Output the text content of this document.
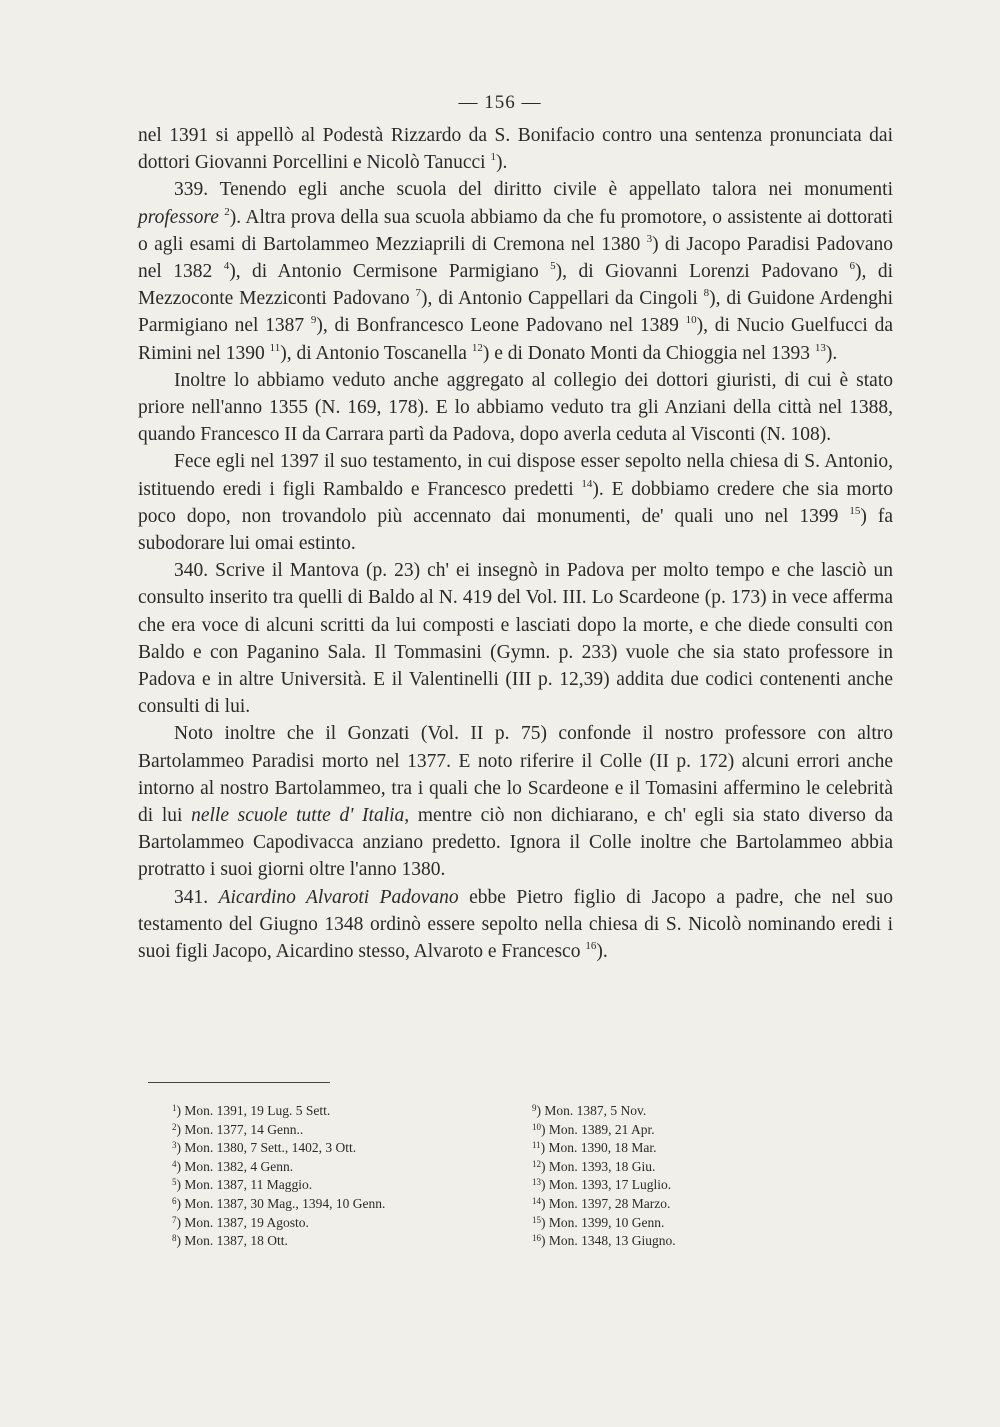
— 156 —

nel 1391 si appellò al Podestà Rizzardo da S. Bonifacio contro una sentenza pronunciata dai dottori Giovanni Porcellini e Nicolò Tanucci $^1$).

339. Tenendo egli anche scuola del diritto civile è appellato talora nei monumenti professore $^2$). Altra prova della sua scuola abbiamo da che fu promotore, o assistente ai dottorati o agli esami di Bartolammeo Mezziaprili di Cremona nel 1380 $^3$) di Jacopo Paradisi Padovano nel 1382 $^4$), di Antonio Cermisone Parmigiano $^5$), di Giovanni Lorenzi Padovano $^6$), di Mezzoconte Mezziconti Padovano $^7$), di Antonio Cappellari da Cingoli $^8$), di Guidone Ardenghi Parmigiano nel 1387 $^9$), di Bonfrancesco Leone Padovano nel 1389 $^{10}$), di Nucio Guelfucci da Rimini nel 1390 $^{11}$), di Antonio Toscanella $^{12}$) e di Donato Monti da Chioggia nel 1393 $^{13}$).

Inoltre lo abbiamo veduto anche aggregato al collegio dei dottori giuristi, di cui è stato priore nell'anno 1355 (N. 169, 178). E lo abbiamo veduto tra gli Anziani della città nel 1388, quando Francesco II da Carrara partì da Padova, dopo averla ceduta al Visconti (N. 108).

Fece egli nel 1397 il suo testamento, in cui dispose esser sepolto nella chiesa di S. Antonio, istituendo eredi i figli Rambaldo e Francesco predetti $^{14}$). E dobbiamo credere che sia morto poco dopo, non trovandolo più accennato dai monumenti, de' quali uno nel 1399 $^{15}$) fa subodorare lui omai estinto.

340. Scrive il Mantova (p. 23) ch' ei insegnò in Padova per molto tempo e che lasciò un consulto inserito tra quelli di Baldo al N. 419 del Vol. III. Lo Scardeone (p. 173) in vece afferma che era voce di alcuni scritti da lui composti e lasciati dopo la morte, e che diede consulti con Baldo e con Paganino Sala. Il Tommasini (Gymn. p. 233) vuole che sia stato professore in Padova e in altre Università. E il Valentinelli (III p. 12,39) addita due codici contenenti anche consulti di lui.

Noto inoltre che il Gonzati (Vol. II p. 75) confonde il nostro professore con altro Bartolammeo Paradisi morto nel 1377. E noto riferire il Colle (II p. 172) alcuni errori anche intorno al nostro Bartolammeo, tra i quali che lo Scardeone e il Tomasini affermino le celebrità di lui nelle scuole tutte d' Italia, mentre ciò non dichiarano, e ch' egli sia stato diverso da Bartolammeo Capodivacca anziano predetto. Ignora il Colle inoltre che Bartolammeo abbia protratto i suoi giorni oltre l'anno 1380.

341. Aicardino Alvaroti Padovano ebbe Pietro figlio di Jacopo a padre, che nel suo testamento del Giugno 1348 ordinò essere sepolto nella chiesa di S. Nicolò nominando eredi i suoi figli Jacopo, Aicardino stesso, Alvaroto e Francesco $^{16}$).

$^1$) Mon. 1391, 19 Lug. 5 Sett.
$^2$) Mon. 1377, 14 Genn..
$^3$) Mon. 1380, 7 Sett., 1402, 3 Ott.
$^4$) Mon. 1382, 4 Genn.
$^5$) Mon. 1387, 11 Maggio.
$^6$) Mon. 1387, 30 Mag., 1394, 10 Genn.
$^7$) Mon. 1387, 19 Agosto.
$^8$) Mon. 1387, 18 Ott.
$^9$) Mon. 1387, 5 Nov.
$^{10}$) Mon. 1389, 21 Apr.
$^{11}$) Mon. 1390, 18 Mar.
$^{12}$) Mon. 1393, 18 Giu.
$^{13}$) Mon. 1393, 17 Luglio.
$^{14}$) Mon. 1397, 28 Marzo.
$^{15}$) Mon. 1399, 10 Genn.
$^{16}$) Mon. 1348, 13 Giugno.
